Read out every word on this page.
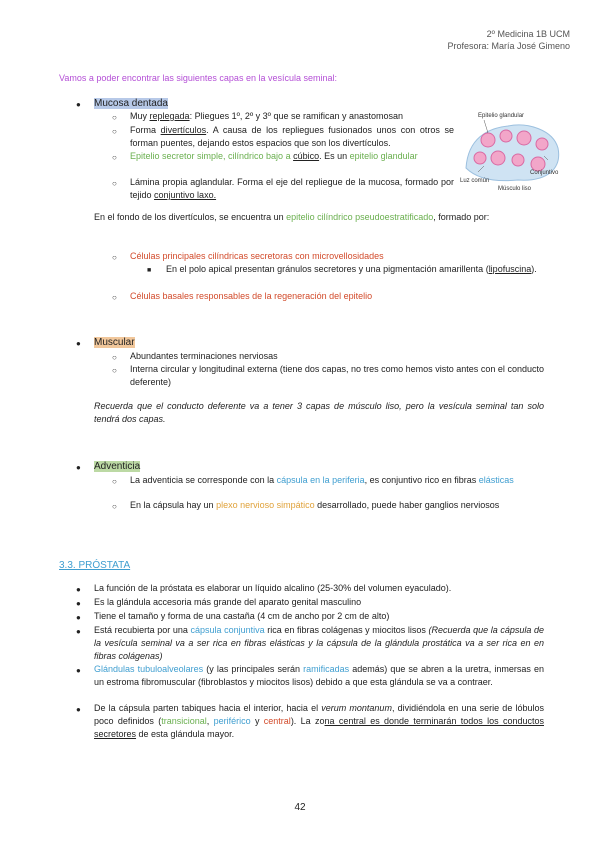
2º Medicina 1B UCM
Profesora: María José Gimeno
Vamos a poder encontrar las siguientes capas en la vesícula seminal:
● Mucosa dentada
○ Muy replegada: Pliegues 1º, 2º y 3º que se ramifican y anastomosan
○ Forma divertículos. A causa de los repliegues fusionados unos con otros se forman puentes, dejando estos espacios que son los divertículos.
○ Epitelio secretor simple, cilíndrico bajo a cúbico. Es un epitelio glandular
○ Lámina propia aglandular. Forma el eje del repliegue de la mucosa, formado por tejido conjuntivo laxo.
Epitelio glandular
Conjuntivo
Luz común
Músculo liso
En el fondo de los divertículos, se encuentra un epitelio cilíndrico pseudoestratificado, formado por:
○ Células principales cilíndricas secretoras con microvellosidades
■ En el polo apical presentan gránulos secretores y una pigmentación amarillenta (lipofuscina).
○ Células basales responsables de la regeneración del epitelio
● Muscular
○ Abundantes terminaciones nerviosas
○ Interna circular y longitudinal externa (tiene dos capas, no tres como hemos visto antes con el conducto deferente)
Recuerda que el conducto deferente va a tener 3 capas de músculo liso, pero la vesícula seminal tan solo tendrá dos capas.
● Adventicia
○ La adventicia se corresponde con la cápsula en la periferia, es conjuntivo rico en fibras elásticas
○ En la cápsula hay un plexo nervioso simpático desarrollado, puede haber ganglios nerviosos
3.3. PRÓSTATA
● La función de la próstata es elaborar un líquido alcalino (25-30% del volumen eyaculado).
● Es la glándula accesoria más grande del aparato genital masculino
● Tiene el tamaño y forma de una castaña (4 cm de ancho por 2 cm de alto)
● Está recubierta por una cápsula conjuntiva rica en fibras colágenas y miocitos lisos (Recuerda que la cápsula de la vesícula seminal va a ser rica en fibras elásticas y la cápsula de la glándula prostática va a ser rica en en fibras colágenas)
● Glándulas tubuloalveolares (y las principales serán ramificadas además) que se abren a la uretra, inmersas en un estroma fibromuscular (fibroblastos y miocitos lisos) debido a que esta glándula se va a contraer.
● De la cápsula parten tabiques hacia el interior, hacia el verum montanum, dividiéndola en una serie de lóbulos poco definidos (transicional, periférico y central). La zona central es donde terminarán todos los conductos secretores de esta glándula mayor.
42
